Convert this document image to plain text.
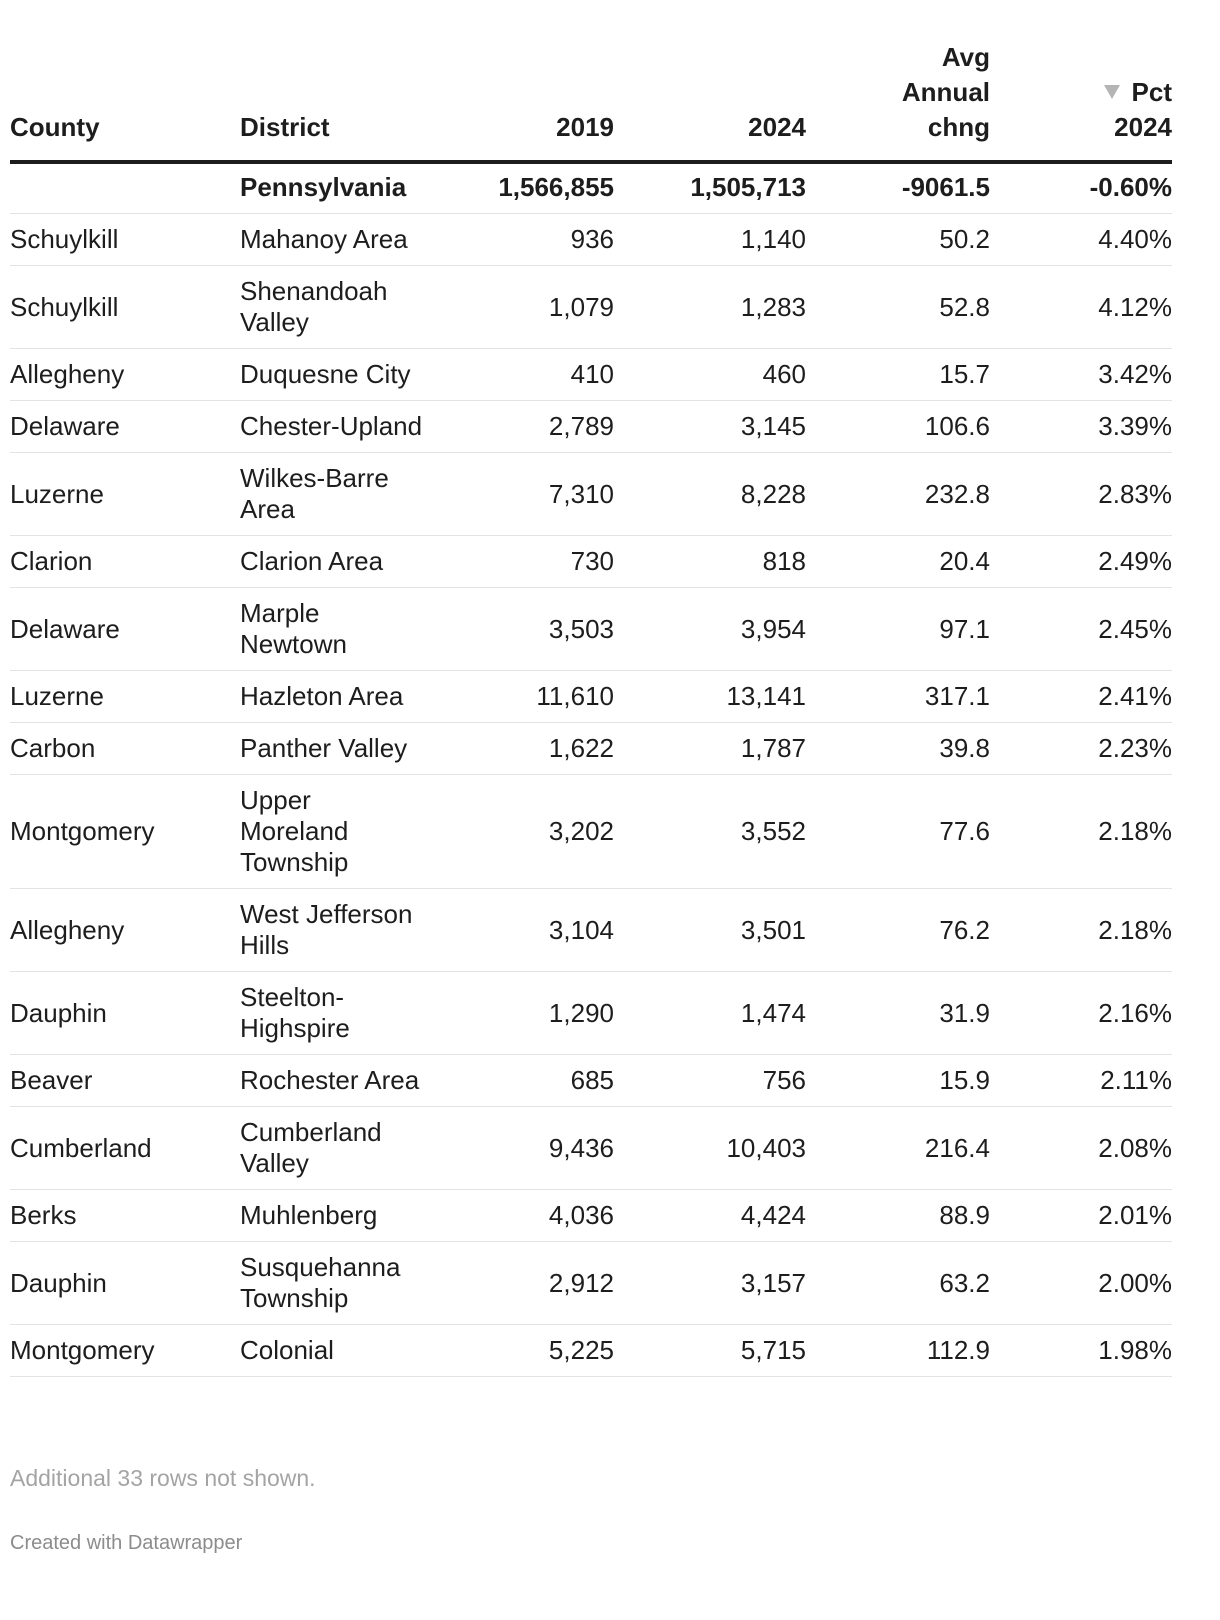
County	District	2019	2024	Avg Annual chng	Pct 2024
	Pennsylvania	1,566,855	1,505,713	-9061.5	-0.60%
Schuylkill	Mahanoy Area	936	1,140	50.2	4.40%
Schuylkill	Shenandoah Valley	1,079	1,283	52.8	4.12%
Allegheny	Duquesne City	410	460	15.7	3.42%
Delaware	Chester-Upland	2,789	3,145	106.6	3.39%
Luzerne	Wilkes-Barre Area	7,310	8,228	232.8	2.83%
Clarion	Clarion Area	730	818	20.4	2.49%
Delaware	Marple Newtown	3,503	3,954	97.1	2.45%
Luzerne	Hazleton Area	11,610	13,141	317.1	2.41%
Carbon	Panther Valley	1,622	1,787	39.8	2.23%
Montgomery	Upper Moreland Township	3,202	3,552	77.6	2.18%
Allegheny	West Jefferson Hills	3,104	3,501	76.2	2.18%
Dauphin	Steelton-Highspire	1,290	1,474	31.9	2.16%
Beaver	Rochester Area	685	756	15.9	2.11%
Cumberland	Cumberland Valley	9,436	10,403	216.4	2.08%
Berks	Muhlenberg	4,036	4,424	88.9	2.01%
Dauphin	Susquehanna Township	2,912	3,157	63.2	2.00%
Montgomery	Colonial	5,225	5,715	112.9	1.98%
Additional 33 rows not shown.
Created with Datawrapper
